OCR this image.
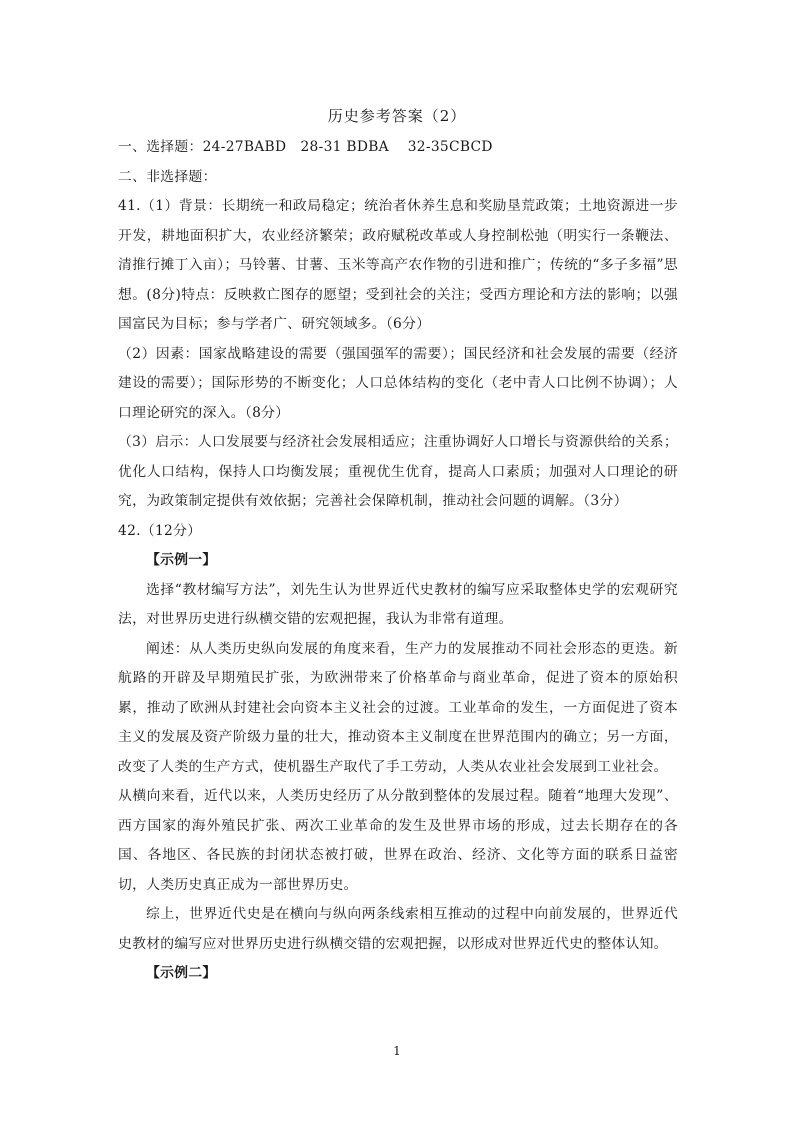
历史参考答案（2）

一、选择题：24-27BABD　28-31 BDBA　 32-35CBCD

二、非选择题：

41.（1）背景：长期统一和政局稳定；统治者休养生息和奖励垦荒政策；土地资源进一步开发，耕地面积扩大，农业经济繁荣；政府赋税改革或人身控制松弛（明实行一条鞭法、清推行摊丁入亩）；马铃薯、甘薯、玉米等高产农作物的引进和推广；传统的“多子多福”思想。(8分)特点：反映救亡图存的愿望；受到社会的关注；受西方理论和方法的影响；以强国富民为目标；参与学者广、研究领域多。（6分）

（2）因素：国家战略建设的需要（强国强军的需要）；国民经济和社会发展的需要（经济建设的需要）；国际形势的不断变化；人口总体结构的变化（老中青人口比例不协调）；人口理论研究的深入。（8分）

（3）启示：人口发展要与经济社会发展相适应；注重协调好人口增长与资源供给的关系；优化人口结构，保持人口均衡发展；重视优生优育，提高人口素质；加强对人口理论的研究，为政策制定提供有效依据；完善社会保障机制，推动社会问题的调解。（3分）

42.（12分）

【示例一】

选择“教材编写方法”，刘先生认为世界近代史教材的编写应采取整体史学的宏观研究法，对世界历史进行纵横交错的宏观把握，我认为非常有道理。

阐述：从人类历史纵向发展的角度来看，生产力的发展推动不同社会形态的更迭。新航路的开辟及早期殖民扩张，为欧洲带来了价格革命与商业革命，促进了资本的原始积累，推动了欧洲从封建社会向资本主义社会的过渡。工业革命的发生，一方面促进了资本主义的发展及资产阶级力量的壮大，推动资本主义制度在世界范围内的确立；另一方面，改变了人类的生产方式，使机器生产取代了手工劳动，人类从农业社会发展到工业社会。

从横向来看，近代以来，人类历史经历了从分散到整体的发展过程。随着“地理大发现”、西方国家的海外殖民扩张、两次工业革命的发生及世界市场的形成，过去长期存在的各国、各地区、各民族的封闭状态被打破，世界在政治、经济、文化等方面的联系日益密切，人类历史真正成为一部世界历史。

综上，世界近代史是在横向与纵向两条线索相互推动的过程中向前发展的，世界近代史教材的编写应对世界历史进行纵横交错的宏观把握，以形成对世界近代史的整体认知。

【示例二】

1
